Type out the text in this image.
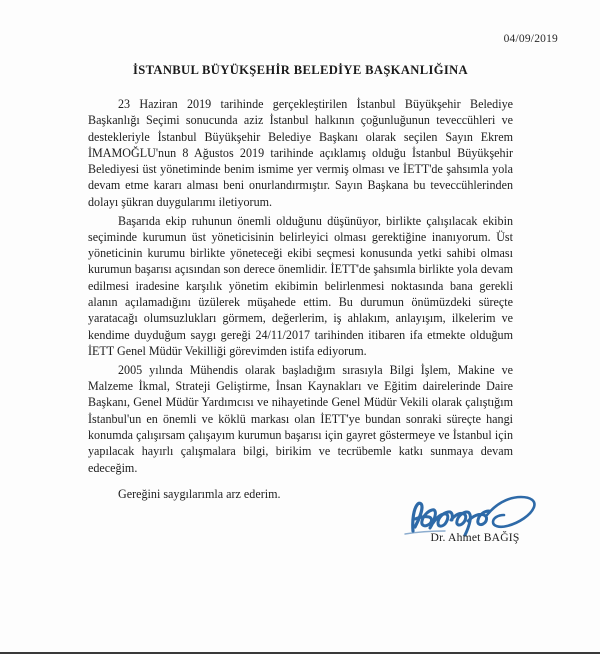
04/09/2019
İSTANBUL BÜYÜKŞEHİR BELEDİYE BAŞKANLIĞINA

23 Haziran 2019 tarihinde gerçekleştirilen İstanbul Büyükşehir Belediye Başkanlığı Seçimi sonucunda aziz İstanbul halkının çoğunluğunun teveccühleri ve destekleriyle İstanbul Büyükşehir Belediye Başkanı olarak seçilen Sayın Ekrem İMAMOĞLU'nun 8 Ağustos 2019 tarihinde açıklamış olduğu İstanbul Büyükşehir Belediyesi üst yönetiminde benim ismime yer vermiş olması ve İETT'de şahsımla yola devam etme kararı alması beni onurlandırmıştır. Sayın Başkana bu teveccühlerinden dolayı şükran duygularımı iletiyorum.

Başarıda ekip ruhunun önemli olduğunu düşünüyor, birlikte çalışılacak ekibin seçiminde kurumun üst yöneticisinin belirleyici olması gerektiğine inanıyorum. Üst yöneticinin kurumu birlikte yöneteceği ekibi seçmesi konusunda yetki sahibi olması kurumun başarısı açısından son derece önemlidir. İETT'de şahsımla birlikte yola devam edilmesi iradesine karşılık yönetim ekibimin belirlenmesi noktasında bana gerekli alanın açılamadığını üzülerek müşahede ettim. Bu durumun önümüzdeki süreçte yaratacağı olumsuzlukları görmem, değerlerim, iş ahlakım, anlayışım, ilkelerim ve kendime duyduğum saygı gereği 24/11/2017 tarihinden itibaren ifa etmekte olduğum İETT Genel Müdür Vekilliği görevimden istifa ediyorum.

2005 yılında Mühendis olarak başladığım sırasıyla Bilgi İşlem, Makine ve Malzeme İkmal, Strateji Geliştirme, İnsan Kaynakları ve Eğitim dairelerinde Daire Başkanı, Genel Müdür Yardımcısı ve nihayetinde Genel Müdür Vekili olarak çalıştığım İstanbul'un en önemli ve köklü markası olan İETT'ye bundan sonraki süreçte hangi konumda çalışırsam çalışayım kurumun başarısı için gayret göstermeye ve İstanbul için yapılacak hayırlı çalışmalara bilgi, birikim ve tecrübemle katkı sunmaya devam edeceğim.

Gereğini saygılarımla arz ederim.

Dr. Ahmet BAĞIŞ
